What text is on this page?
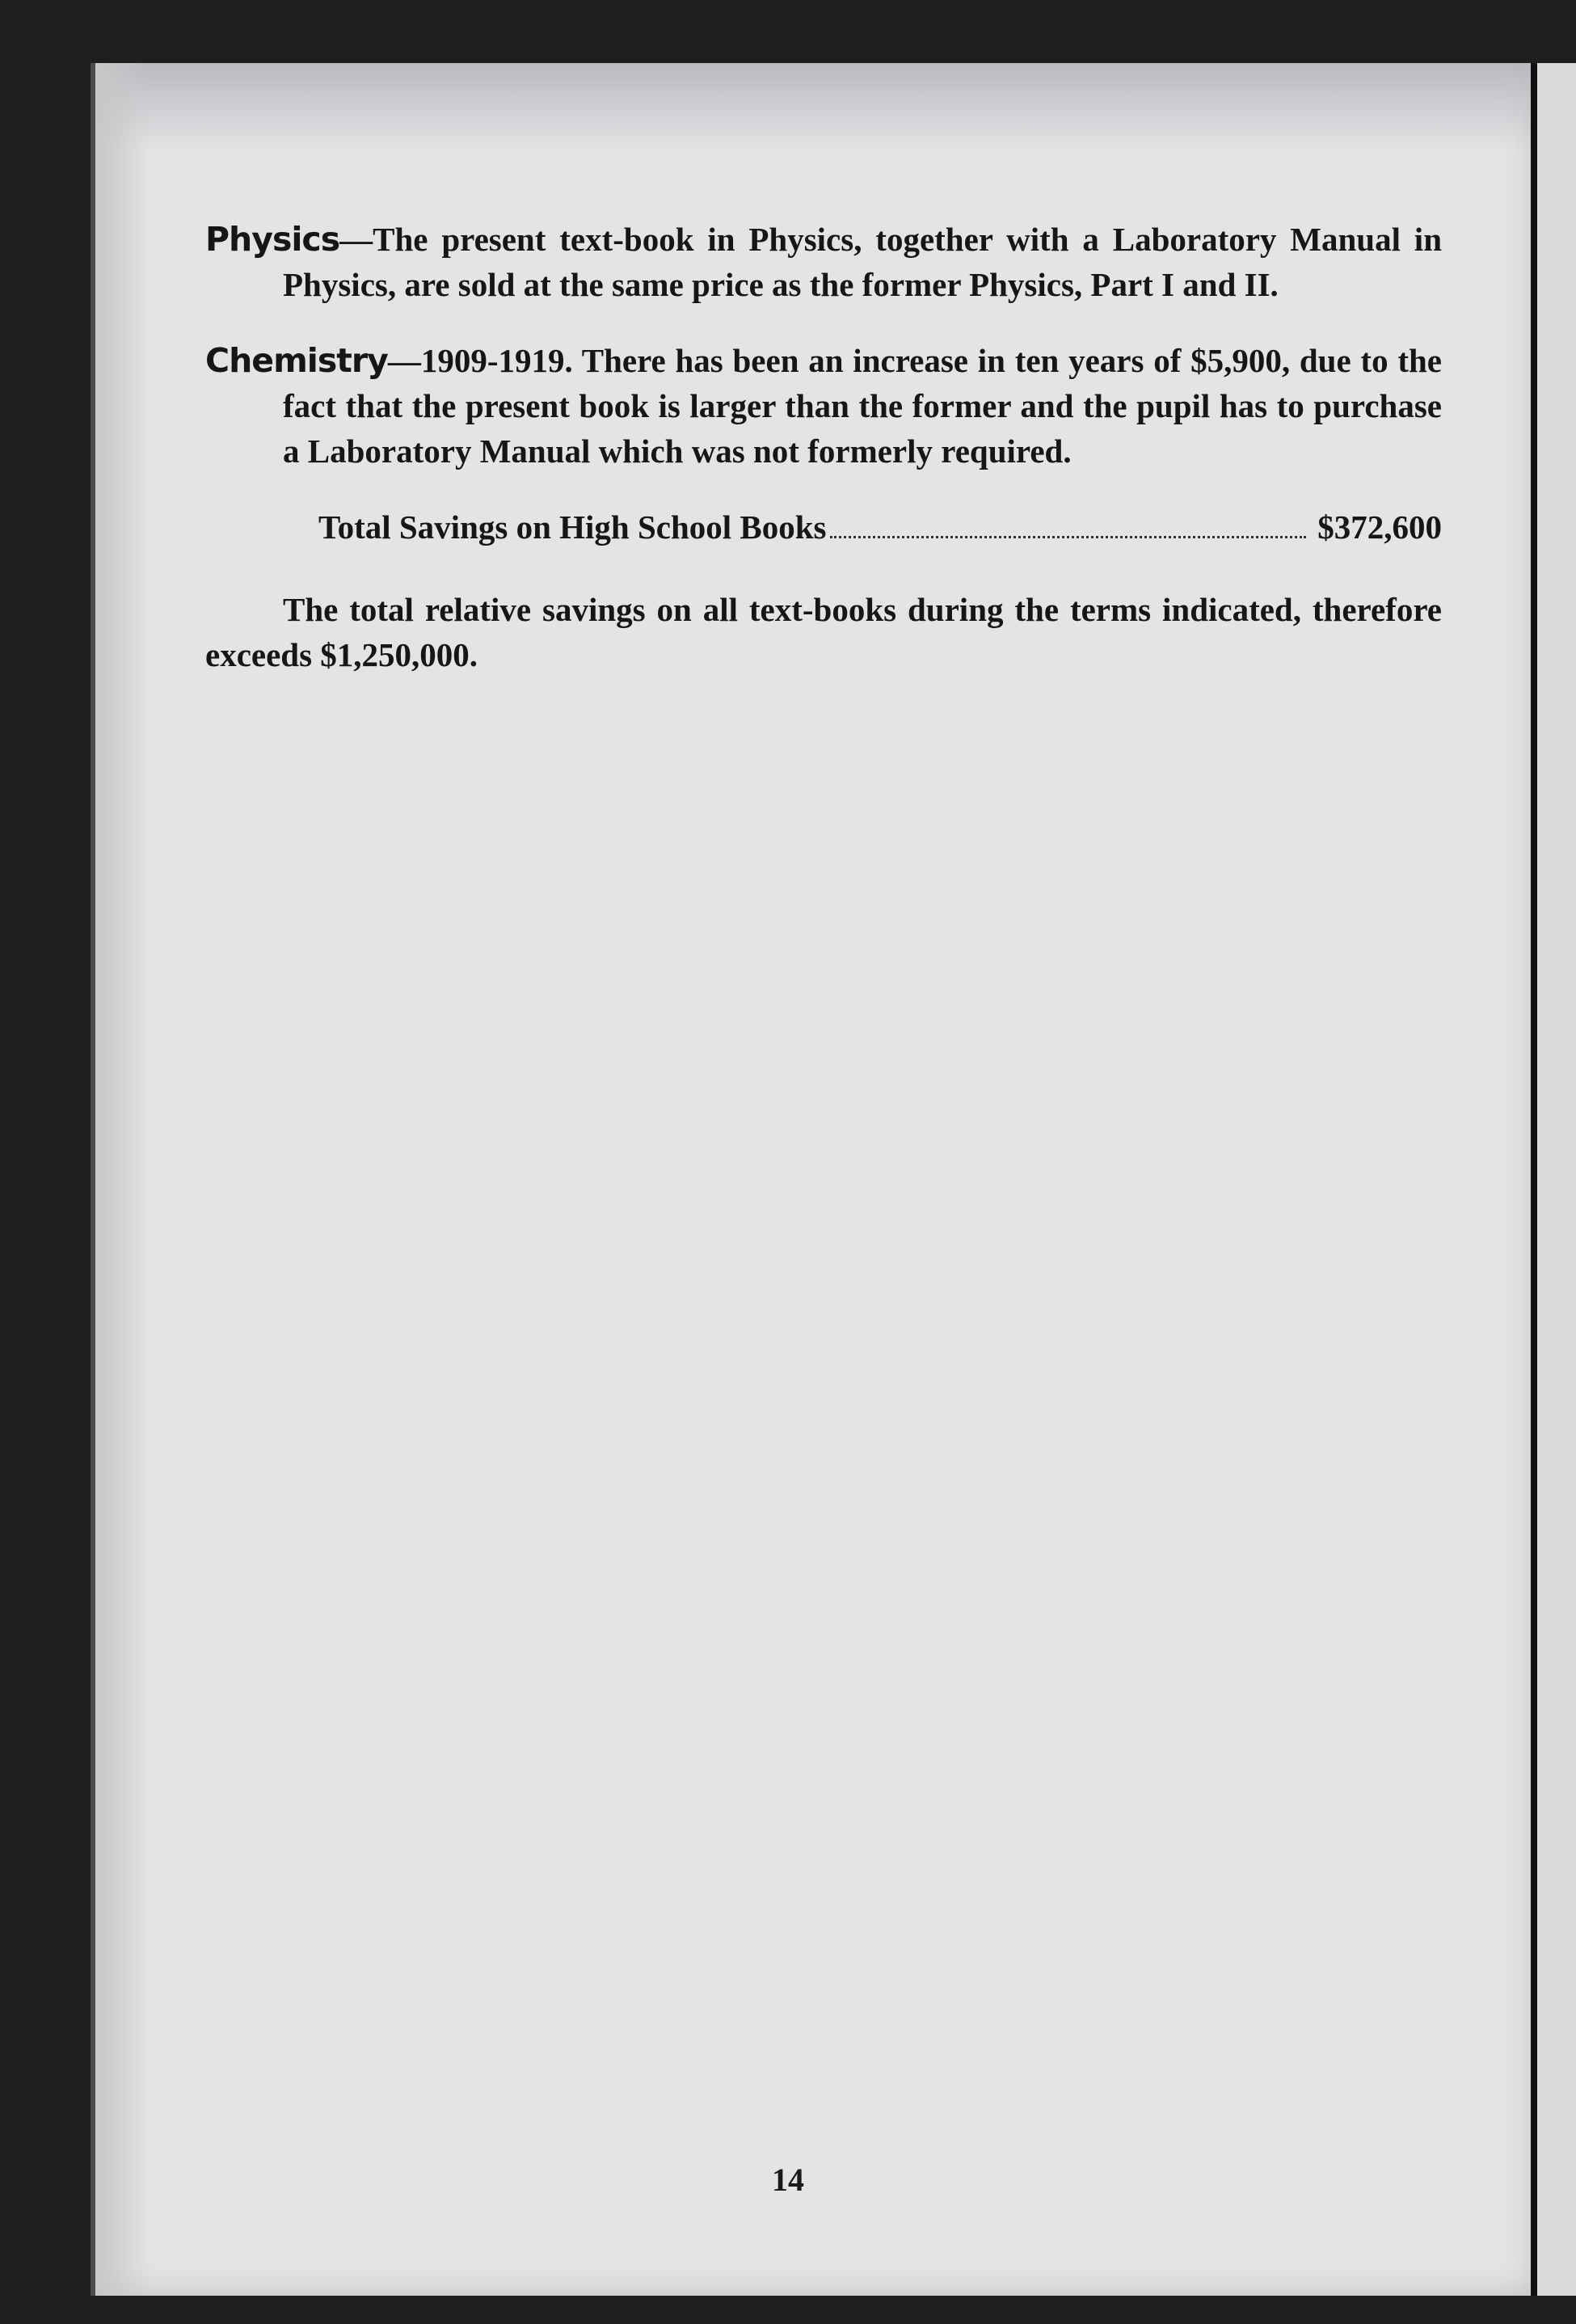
Physics—The present text-book in Physics, together with a Laboratory Manual in Physics, are sold at the same price as the former Physics, Part I and II.

Chemistry—1909-1919. There has been an increase in ten years of $5,900, due to the fact that the present book is larger than the former and the pupil has to purchase a Laboratory Manual which was not formerly required.

Total Savings on High School Books	$372,600

The total relative savings on all text-books during the terms indicated, therefore exceeds $1,250,000.

14
